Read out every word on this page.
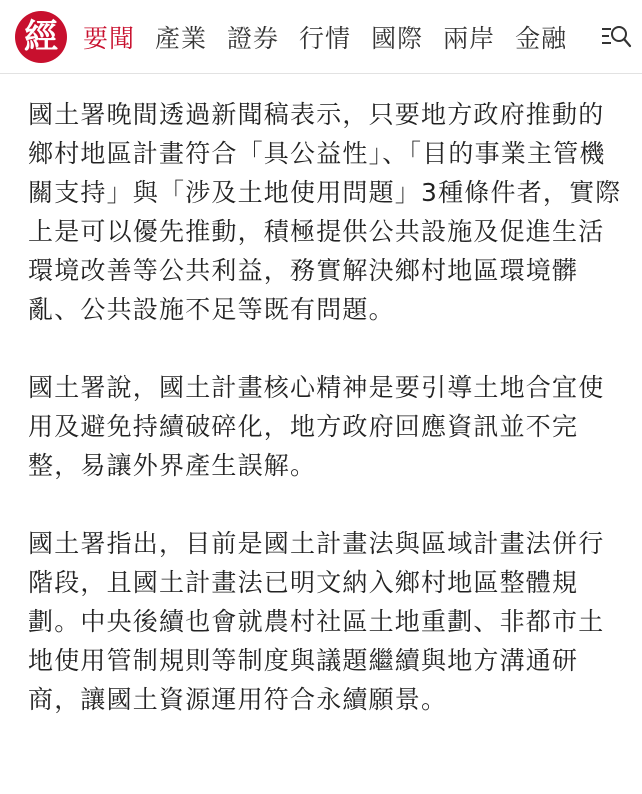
經	要聞 產業 證券 行情 國際 兩岸 金融

國土署晚間透過新聞稿表示，只要地方政府推動的鄉村地區計畫符合「具公益性」、「目的事業主管機關支持」與「涉及土地使用問題」3種條件者，實際上是可以優先推動，積極提供公共設施及促進生活環境改善等公共利益，務實解決鄉村地區環境髒亂、公共設施不足等既有問題。

國土署說，國土計畫核心精神是要引導土地合宜使用及避免持續破碎化，地方政府回應資訊並不完整，易讓外界產生誤解。

國土署指出，目前是國土計畫法與區域計畫法併行階段，且國土計畫法已明文納入鄉村地區整體規劃。中央後續也會就農村社區土地重劃、非都市土地使用管制規則等制度與議題繼續與地方溝通研商，讓國土資源運用符合永續願景。
